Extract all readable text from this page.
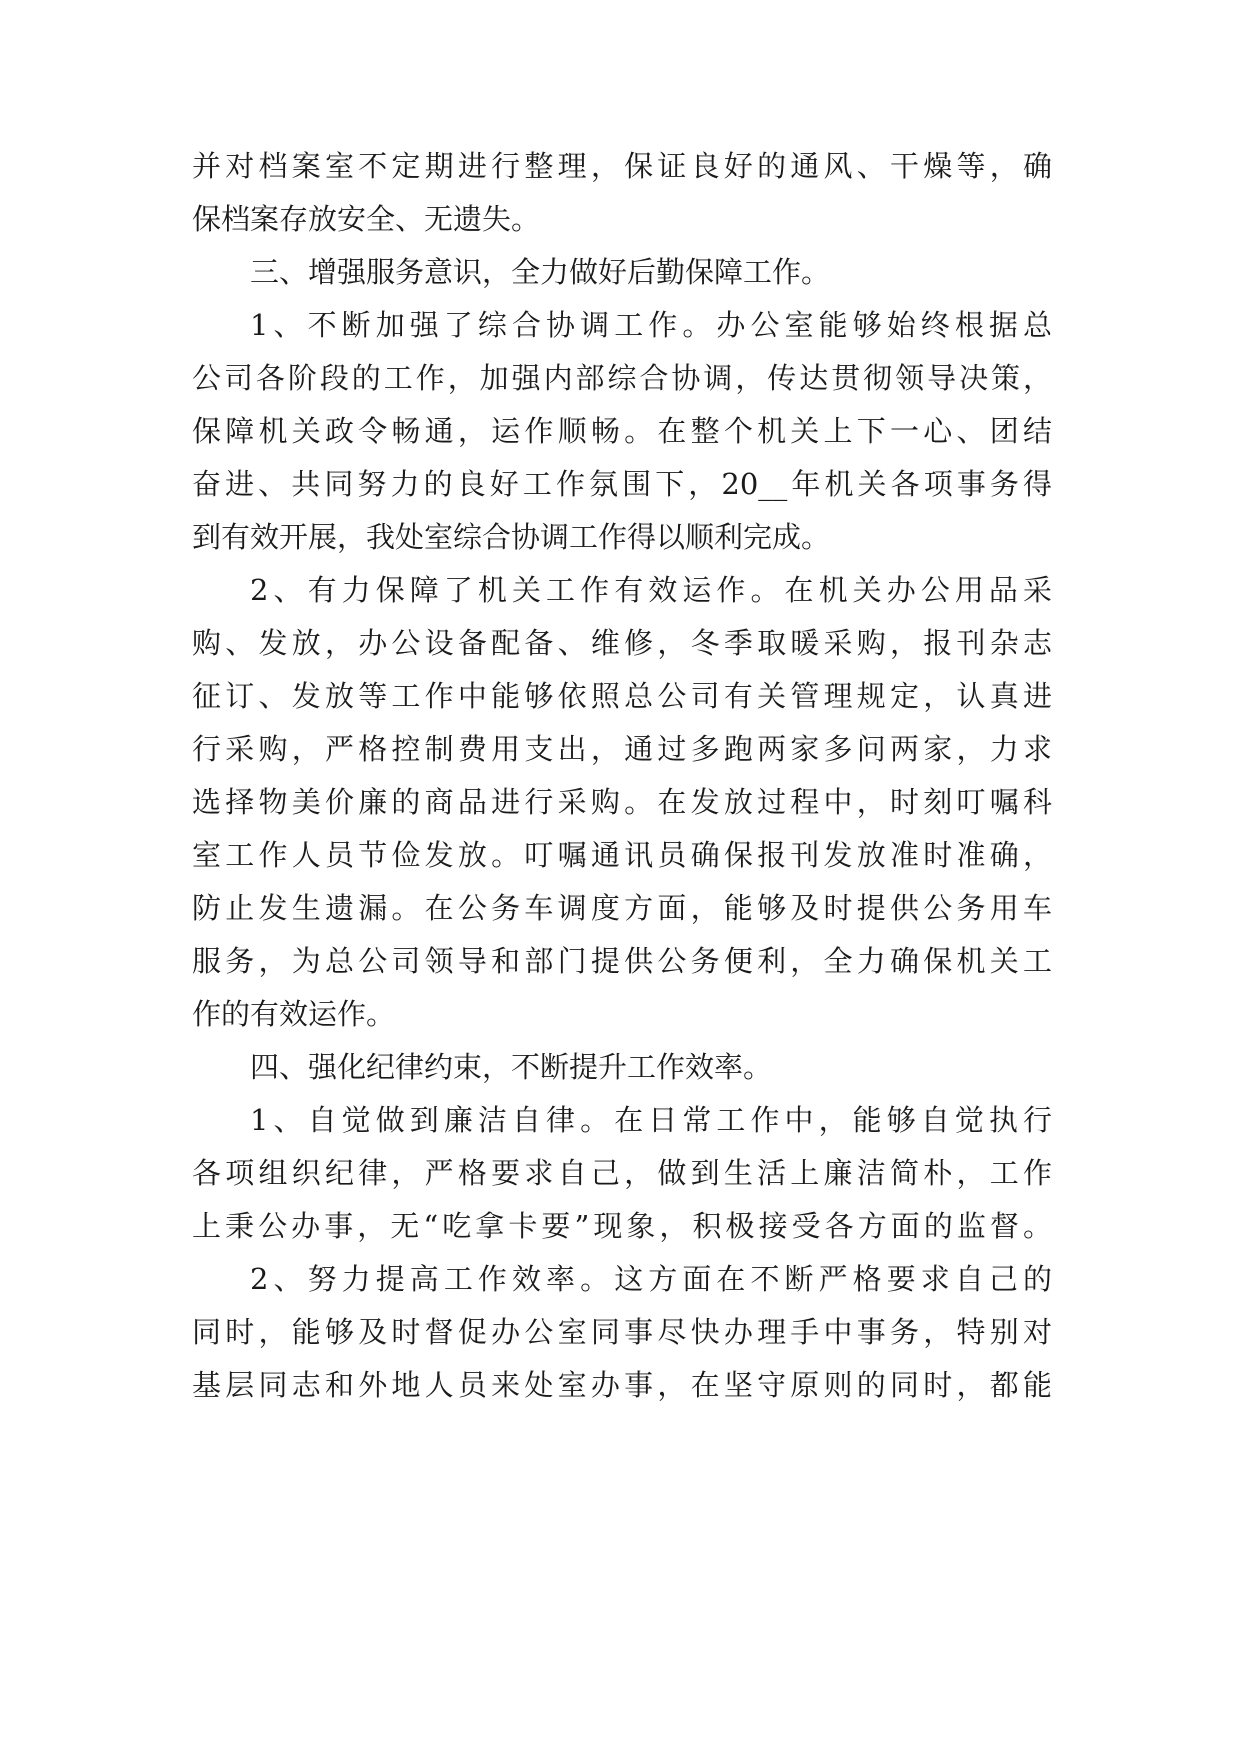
并对档案室不定期进行整理，保证良好的通风、干燥等，确
保档案存放安全、无遗失。
三、增强服务意识，全力做好后勤保障工作。
1、不断加强了综合协调工作。办公室能够始终根据总
公司各阶段的工作，加强内部综合协调，传达贯彻领导决策，
保障机关政令畅通，运作顺畅。在整个机关上下一心、团结
奋进、共同努力的良好工作氛围下，20__年机关各项事务得
到有效开展，我处室综合协调工作得以顺利完成。
2、有力保障了机关工作有效运作。在机关办公用品采
购、发放，办公设备配备、维修，冬季取暖采购，报刊杂志
征订、发放等工作中能够依照总公司有关管理规定，认真进
行采购，严格控制费用支出，通过多跑两家多问两家，力求
选择物美价廉的商品进行采购。在发放过程中，时刻叮嘱科
室工作人员节俭发放。叮嘱通讯员确保报刊发放准时准确，
防止发生遗漏。在公务车调度方面，能够及时提供公务用车
服务，为总公司领导和部门提供公务便利，全力确保机关工
作的有效运作。
四、强化纪律约束，不断提升工作效率。
1、自觉做到廉洁自律。在日常工作中，能够自觉执行
各项组织纪律，严格要求自己，做到生活上廉洁简朴，工作
上秉公办事，无“吃拿卡要”现象，积极接受各方面的监督。
2、努力提高工作效率。这方面在不断严格要求自己的
同时，能够及时督促办公室同事尽快办理手中事务，特别对
基层同志和外地人员来处室办事，在坚守原则的同时，都能
